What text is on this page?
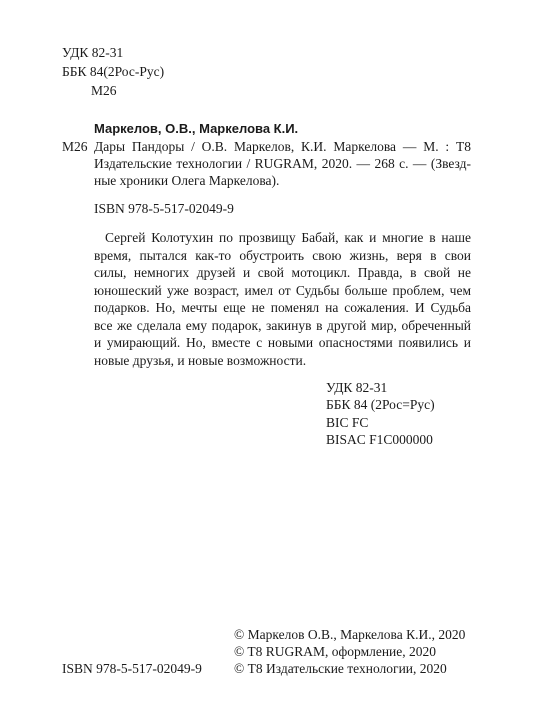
УДК 82-31
ББК 84(2Рос-Рус)
М26
М26
Маркелов, О.В., Маркелова К.И.
Дары Пандоры / О.В. Маркелов, К.И. Маркелова — М. : Т8
Издательские технологии / RUGRAM, 2020. — 268 с. — (Звезд-
ные хроники Олега Маркелова).
ISBN 978-5-517-02049-9
Сергей Колотухин по прозвищу Бабай, как и многие в наше
время, пытался как-то обустроить свою жизнь, веря в свои
силы, немногих друзей и свой мотоцикл. Правда, в свой не
юношеский уже возраст, имел от Судьбы больше проблем, чем
подарков. Но, мечты еще не поменял на сожаления. И Судьба
все же сделала ему подарок, закинув в другой мир, обреченный
и умирающий. Но, вместе с новыми опасностями появились и
новые друзья, и новые возможности.
УДК 82-31
ББК 84 (2Рос=Рус)
BIC FC
BISAC F1C000000
© Маркелов О.В., Маркелова К.И., 2020
© T8 RUGRAM, оформление, 2020
© Т8 Издательские технологии, 2020
ISBN 978-5-517-02049-9
